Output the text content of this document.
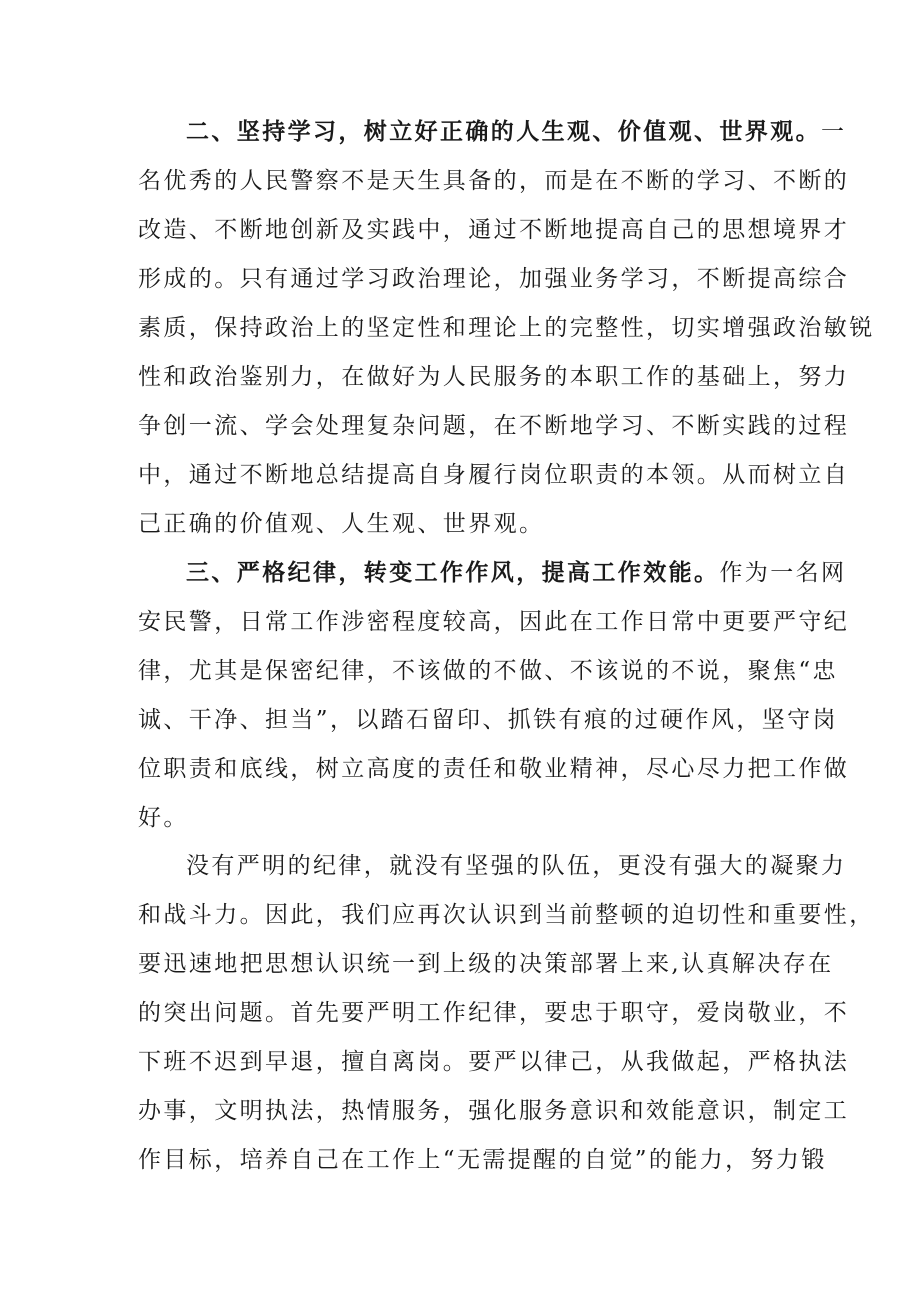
二、坚持学习，树立好正确的人生观、价值观、世界观。一
名优秀的人民警察不是天生具备的，而是在不断的学习、不断的
改造、不断地创新及实践中，通过不断地提高自己的思想境界才
形成的。只有通过学习政治理论，加强业务学习，不断提高综合
素质，保持政治上的坚定性和理论上的完整性，切实增强政治敏锐
性和政治鉴别力，在做好为人民服务的本职工作的基础上，努力
争创一流、学会处理复杂问题，在不断地学习、不断实践的过程
中，通过不断地总结提高自身履行岗位职责的本领。从而树立自
己正确的价值观、人生观、世界观。
三、严格纪律，转变工作作风，提高工作效能。作为一名网
安民警，日常工作涉密程度较高，因此在工作日常中更要严守纪
律，尤其是保密纪律，不该做的不做、不该说的不说，聚焦“忠
诚、干净、担当”，以踏石留印、抓铁有痕的过硬作风，坚守岗
位职责和底线，树立高度的责任和敬业精神，尽心尽力把工作做
好。
没有严明的纪律，就没有坚强的队伍，更没有强大的凝聚力
和战斗力。因此，我们应再次认识到当前整顿的迫切性和重要性，
要迅速地把思想认识统一到上级的决策部署上来,认真解决存在
的突出问题。首先要严明工作纪律，要忠于职守，爱岗敬业，不
下班不迟到早退，擅自离岗。要严以律己，从我做起，严格执法
办事，文明执法，热情服务，强化服务意识和效能意识，制定工
作目标，培养自己在工作上“无需提醒的自觉”的能力，努力锻
